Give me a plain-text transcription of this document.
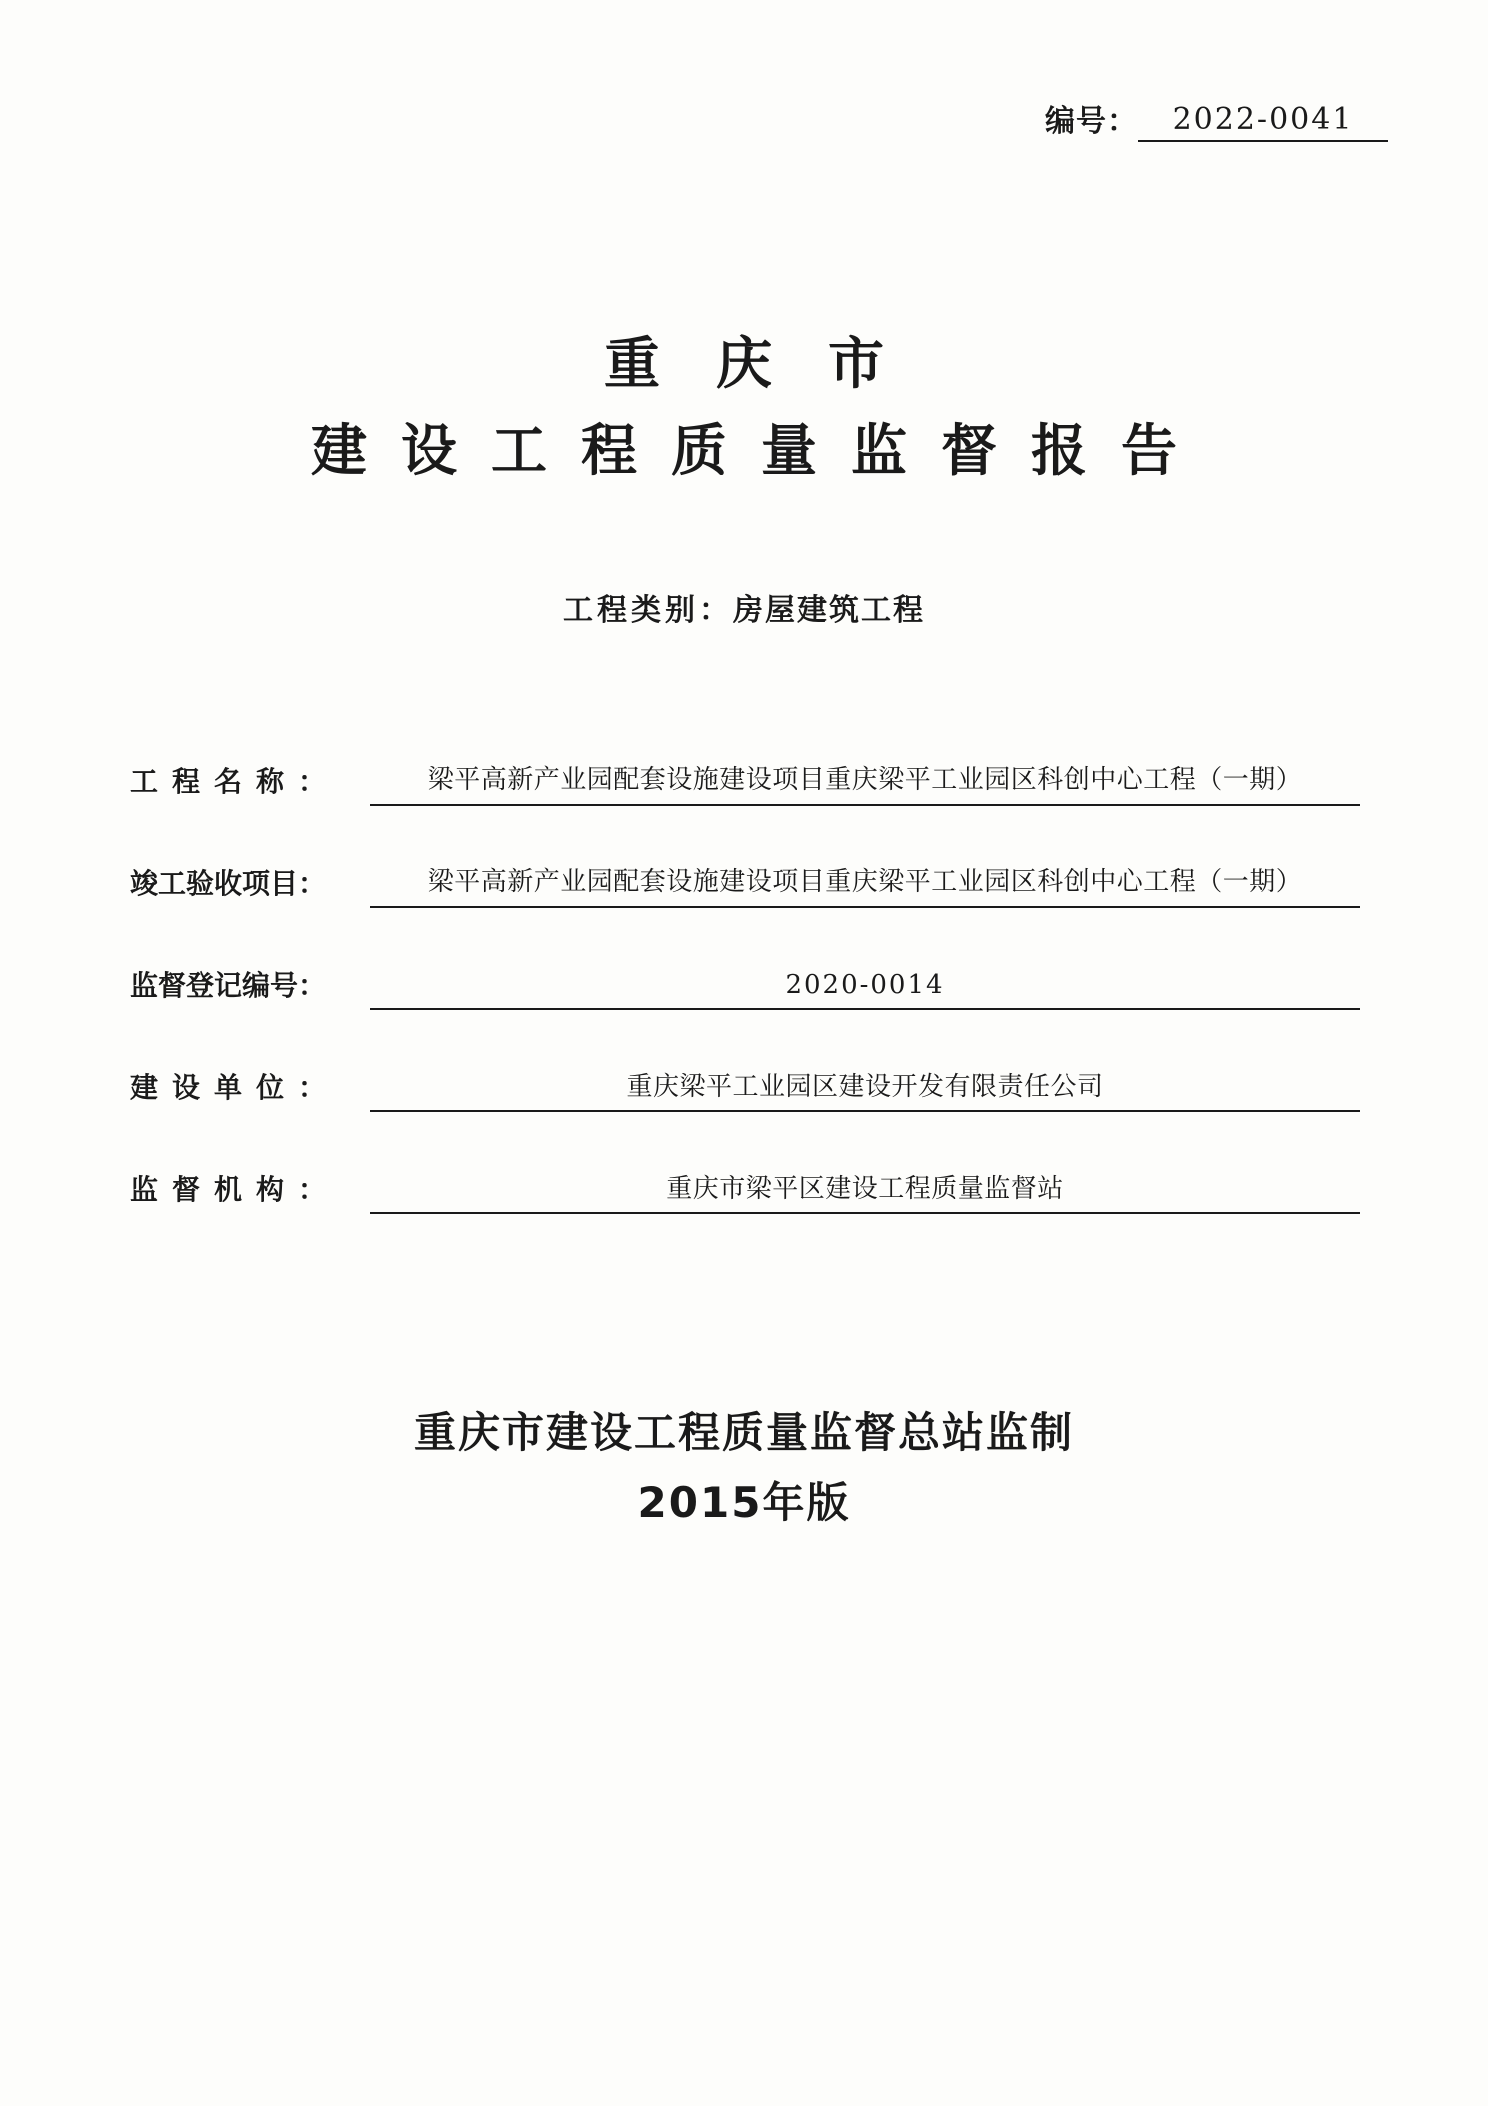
编号：	2022-0041
重庆市
建设工程质量监督报告
工程类别：房屋建筑工程
工程名称：	梁平高新产业园配套设施建设项目重庆梁平工业园区科创中心工程（一期）
竣工验收项目：	梁平高新产业园配套设施建设项目重庆梁平工业园区科创中心工程（一期）
监督登记编号：	2020-0014
建设单位：	重庆梁平工业园区建设开发有限责任公司
监督机构：	重庆市梁平区建设工程质量监督站
重庆市建设工程质量监督总站监制
2015年版
